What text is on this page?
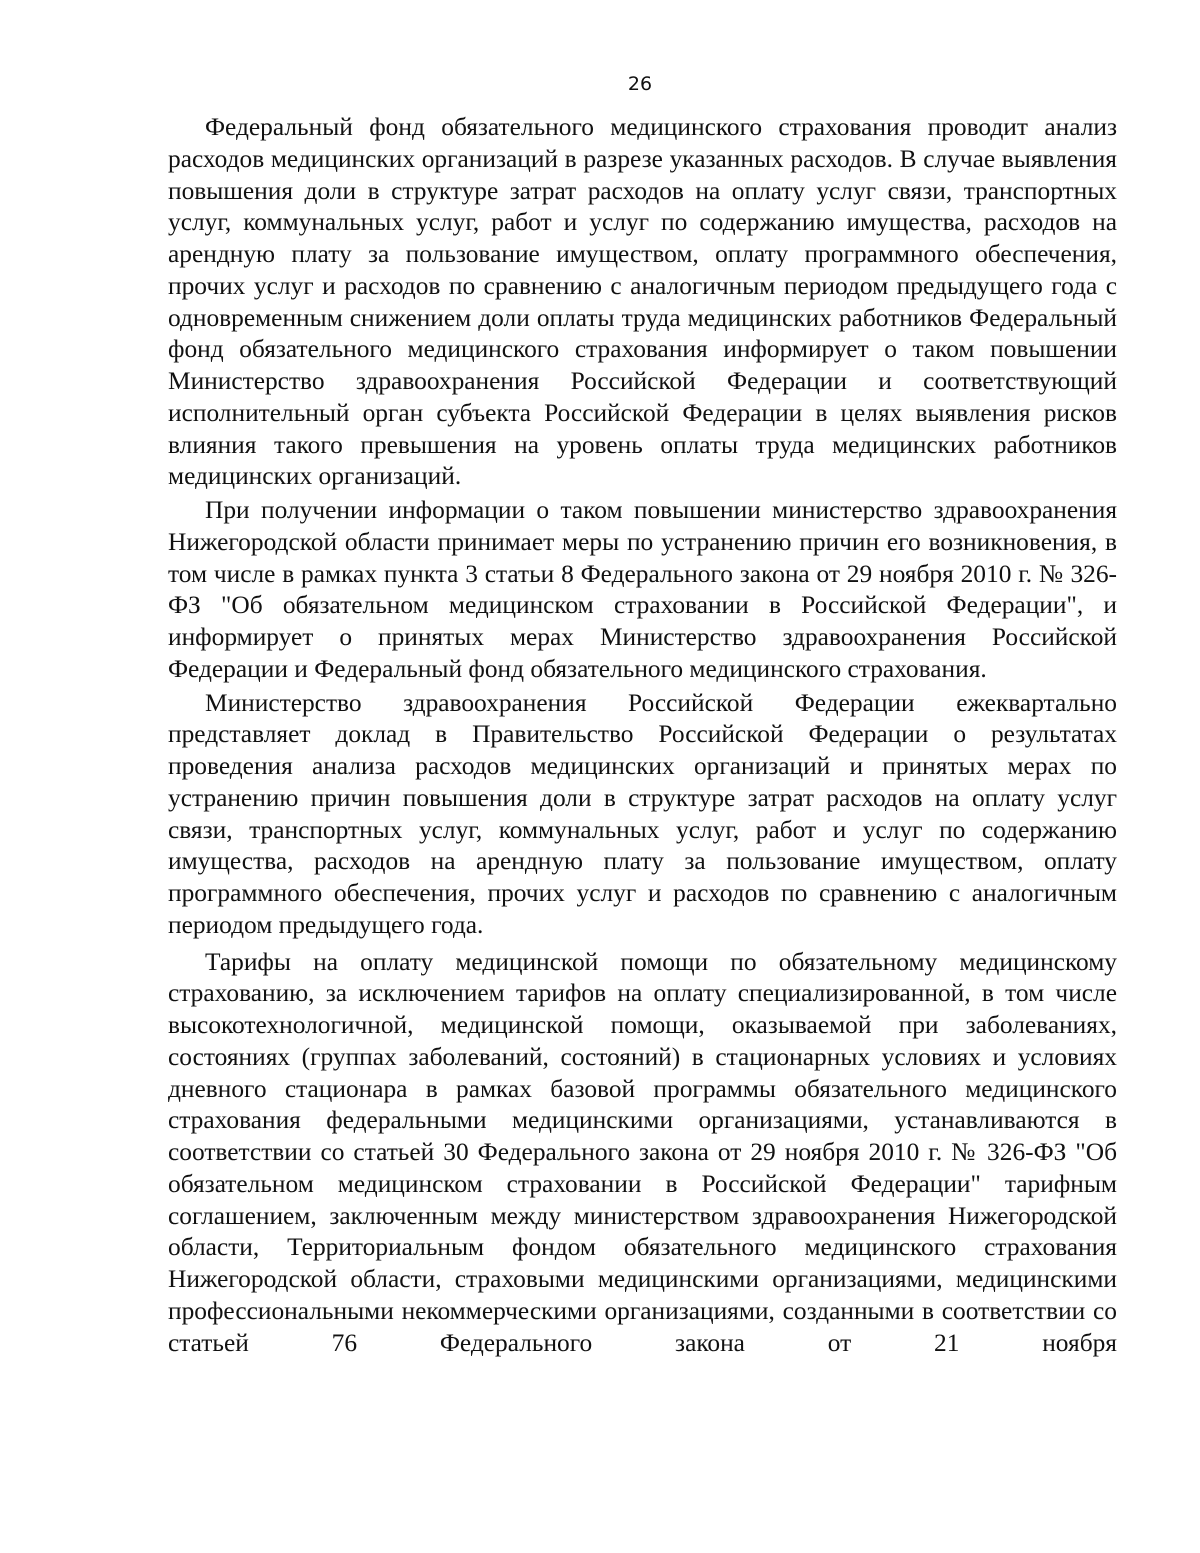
26

Федеральный фонд обязательного медицинского страхования проводит анализ расходов медицинских организаций в разрезе указанных расходов. В случае выявления повышения доли в структуре затрат расходов на оплату услуг связи, транспортных услуг, коммунальных услуг, работ и услуг по содержанию имущества, расходов на арендную плату за пользование имуществом, оплату программного обеспечения, прочих услуг и расходов по сравнению с аналогичным периодом предыдущего года с одновременным снижением доли оплаты труда медицинских работников Федеральный фонд обязательного медицинского страхования информирует о таком повышении Министерство здравоохранения Российской Федерации и соответствующий исполнительный орган субъекта Российской Федерации в целях выявления рисков влияния такого превышения на уровень оплаты труда медицинских работников медицинских организаций.

При получении информации о таком повышении министерство здравоохранения Нижегородской области принимает меры по устранению причин его возникновения, в том числе в рамках пункта 3 статьи 8 Федерального закона от 29 ноября 2010 г. № 326-ФЗ "Об обязательном медицинском страховании в Российской Федерации", и информирует о принятых мерах Министерство здравоохранения Российской Федерации и Федеральный фонд обязательного медицинского страхования.

Министерство здравоохранения Российской Федерации ежеквартально представляет доклад в Правительство Российской Федерации о результатах проведения анализа расходов медицинских организаций и принятых мерах по устранению причин повышения доли в структуре затрат расходов на оплату услуг связи, транспортных услуг, коммунальных услуг, работ и услуг по содержанию имущества, расходов на арендную плату за пользование имуществом, оплату программного обеспечения, прочих услуг и расходов по сравнению с аналогичным периодом предыдущего года.

Тарифы на оплату медицинской помощи по обязательному медицинскому страхованию, за исключением тарифов на оплату специализированной, в том числе высокотехнологичной, медицинской помощи, оказываемой при заболеваниях, состояниях (группах заболеваний, состояний) в стационарных условиях и условиях дневного стационара в рамках базовой программы обязательного медицинского страхования федеральными медицинскими организациями, устанавливаются в соответствии со статьей 30 Федерального закона от 29 ноября 2010 г. № 326-ФЗ "Об обязательном медицинском страховании в Российской Федерации" тарифным соглашением, заключенным между министерством здравоохранения Нижегородской области, Территориальным фондом обязательного медицинского страхования Нижегородской области, страховыми медицинскими организациями, медицинскими профессиональными некоммерческими организациями, созданными в соответствии со статьей 76 Федерального закона от 21 ноября
